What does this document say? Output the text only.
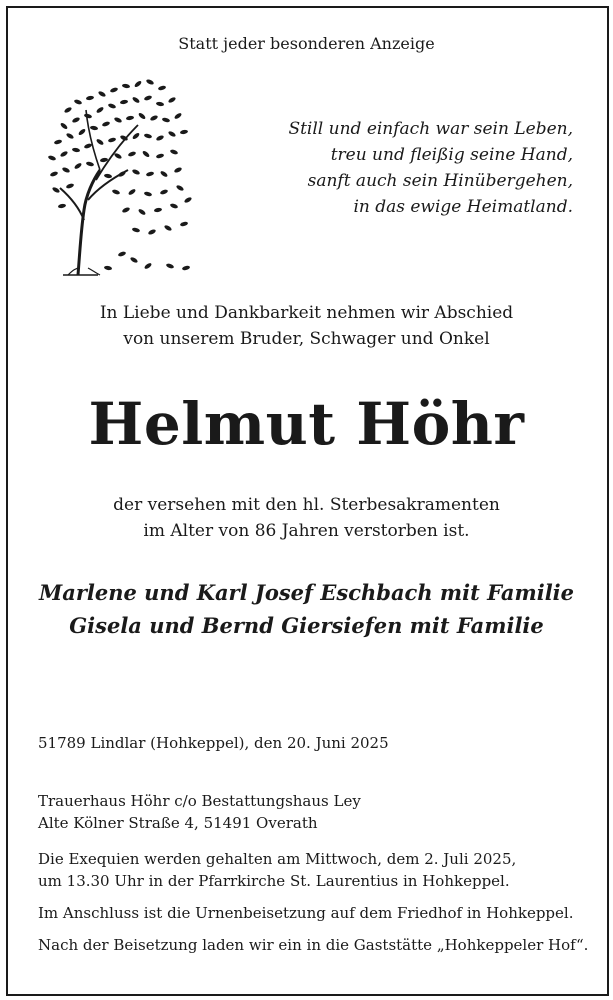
Statt jeder besonderen Anzeige
Still und einfach war sein Leben,
treu und fleißig seine Hand,
sanft auch sein Hinübergehen,
in das ewige Heimatland.
In Liebe und Dankbarkeit nehmen wir Abschied
von unserem Bruder, Schwager und Onkel
Helmut Höhr
der versehen mit den hl. Sterbesakramenten
im Alter von 86 Jahren verstorben ist.
Marlene und Karl Josef Eschbach mit Familie
Gisela und Bernd Giersiefen mit Familie
51789 Lindlar (Hohkeppel), den 20. Juni 2025
Trauerhaus Höhr c/o Bestattungshaus Ley
Alte Kölner Straße 4, 51491 Overath
Die Exequien werden gehalten am Mittwoch, dem 2. Juli 2025,
um 13.30 Uhr in der Pfarrkirche St. Laurentius in Hohkeppel.
Im Anschluss ist die Urnenbeisetzung auf dem Friedhof in Hohkeppel.
Nach der Beisetzung laden wir ein in die Gaststätte „Hohkeppeler Hof“.
